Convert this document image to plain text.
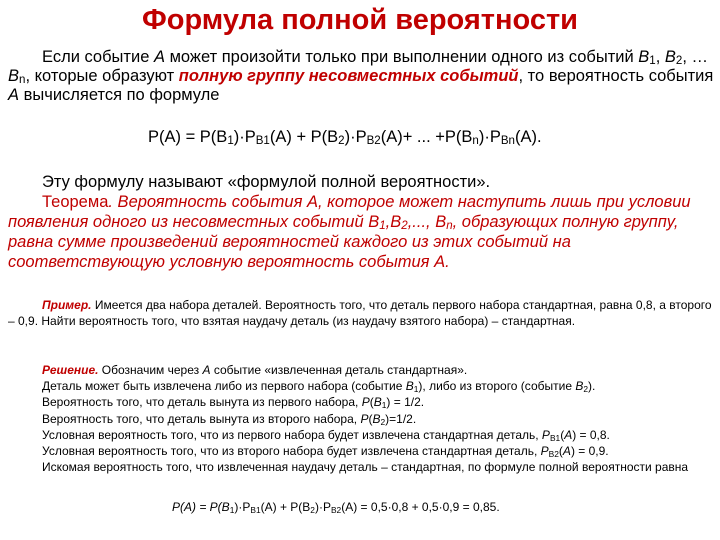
Формула полной вероятности
Если событие A может произойти только при выполнении одного из событий $B_1$, $B_2$, $\dots B_n$, которые образуют полную группу несовместных событий, то вероятность события A вычисляется по формуле
$P(A) = P(B_1)\cdot P_{B1}(A) + P(B_2)\cdot P_{B2}(A)+$ ... $+P(B_n)\cdot P_{Bn}(A)$.
Эту формулу называют «формулой полной вероятности».
Теорема. Вероятность события А, которое может наступить лишь при условии появления одного из несовместных событий $В_1,В_2$,..., $В_n$, образующих полную группу, равна сумме произведений вероятностей каждого из этих событий на соответствующую условную вероятность события А.
Пример. Имеется два набора деталей. Вероятность того, что деталь первого набора стандартная, равна 0,8, а второго – 0,9. Найти вероятность того, что взятая наудачу деталь (из наудачу взятого набора) – стандартная.
Решение. Обозначим через A событие «извлеченная деталь стандартная».
Деталь может быть извлечена либо из первого набора (событие $B_1$), либо из второго (событие $B_2$).
Вероятность того, что деталь вынута из первого набора, $P(B_1) = 1/2$.
Вероятность того, что деталь вынута из второго набора, $P(B_2)=1/2$.
Условная вероятность того, что из первого набора будет извлечена стандартная деталь, $P_{B1}(A) = 0,8$.
Условная вероятность того, что из второго набора будет извлечена стандартная деталь, $P_{B2}(A) = 0,9$.
Искомая вероятность того, что извлеченная наудачу деталь – стандартная, по формуле полной вероятности равна
$P(A) = P(B_1)\cdot P_{B1}(A) + P(B_2)\cdot P_{B2}(A) = 0,5\cdot 0,8 + 0,5\cdot 0,9 = 0,85$.
